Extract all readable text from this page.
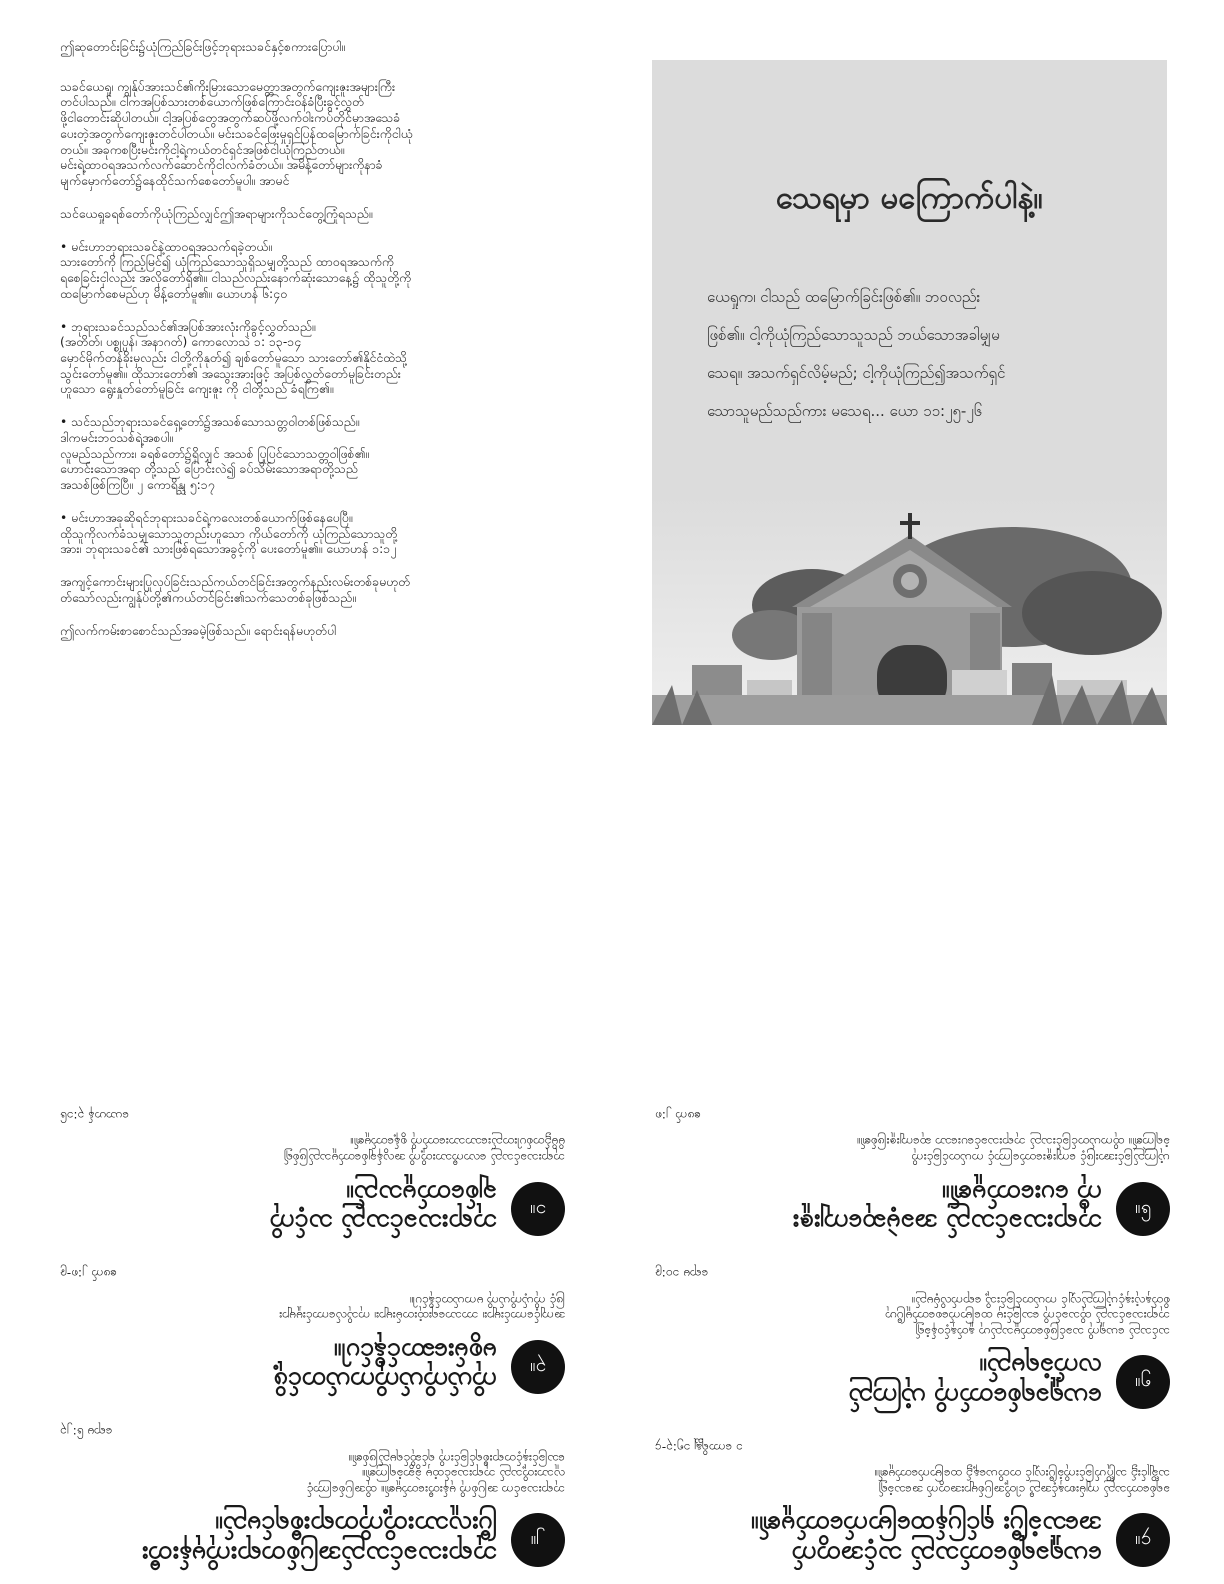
ဤဆုတောင်းခြင်း၌ယုံကြည်ခြင်းဖြင့်ဘုရားသခင်နှင့်စကားပြောပါ။

သခင်ယေရှု၊ ကျွန်ုပ်အားသင်၏ကိုးမြားသောမေတ္တာအတွက်ကျေးဇူးအများကြီး
တင်ပါသည်။ ငါကအပြစ်သားတစ်ယောက်ဖြစ်ကြောင်းဝန်ခံပြီးခွင့်လွှတ်
ဖို့ငါတောင်းဆိုပါတယ်။ ငါ့အပြစ်တွေအတွက်ဆပ်ဖို့လက်ဝါးကပ်တိုင်မှာအသေခံ
ပေးတဲ့အတွက်ကျေးဇူးတင်ပါတယ်။ မင်းသခင်ဖြေးမှုရှင်ပြန်ထမြောက်ခြင်းကိုငါယုံ
တယ်။ အခုကစပြီးမင်းကိုငါ့ရဲ့ကယ်တင်ရှင်အဖြစ်ငါယုံကြည်တယ်။
မင်းရဲ့ထာဝရအသက်လက်ဆောင်ကိုငါလက်ခံတယ်။ အမိန့်တော်များကိုနာခံ
မျက်မှောက်တော်၌နေထိုင်သက်စေတော်မူပါ။ အာမင်

သင်ယေရှုခရစ်တော်ကိုယုံကြည်လျှင်ဤအရာများကိုသင်တွေ့ကြုံရသည်။

• မင်းဟာဘုရားသခင်နဲ့ထာဝရအသက်ရခဲ့တယ်။
သားတော်ကို ကြည့်မြင်၍ ယုံကြည်သောသူရှိသမျှတို့သည် ထာဝရအသက်ကို
ရစေခြင်းငှါလည်း အလိုတော်ရှိ၏။ ငါသည်လည်းနောက်ဆုံးသောနေ့၌ ထိုသူတို့ကို
ထမြောက်စေမည်ဟု မိန့်တော်မူ၏။ ယောဟန် ၆:၄၀

• ဘုရားသခင်သည်သင်၏အပြစ်အားလုံးကိုခွင့်လွှတ်သည်။
(အတိတ်၊ ပစ္စုပ္ပန်၊ အနာဂတ်) ကောလောသဲ ၁: ၁၃-၁၄
မှောင်မိုက်တန်ခိုးမှလည်း ငါတို့ကိုနုတ်၍ ချစ်တော်မူသော သားတော်၏နိုင်ငံထဲသို့
သွင်းတော်မူ၏။ ထိုသားတော်၏ အသွေးအားဖြင့် အပြစ်လွှတ်တော်မူခြင်းတည်း
ဟူသော ရွေးနှုတ်တော်မူခြင်း ကျေးဇူး ကို ငါတို့သည် ခံရကြ၏။

• သင်သည်ဘုရားသခင်ရှေ့တော်၌အသစ်သောသတ္တဝါတစ်ဖြစ်သည်။
ဒါကမင်းဘဝသစ်ရဲ့အစပါ။
လူမည်သည်ကား၊ ခရစ်တော်၌ရှိလျှင် အသစ် ပြုပြင်သောသတ္တဝါဖြစ်၏။
ဟောင်းသောအရာ တို့သည် ပြောင်းလဲ၍ ခပ်သိမ်းသောအရာတို့သည်
အသစ်ဖြစ်ကြပြီ။ ၂ ကောရိန္သု ၅:၁၇

• မင်းဟာအခုဆိုရင်ဘုရားသခင်ရဲ့ကလေးတစ်ယောက်ဖြစ်နေပေပြီ။
ထိုသူကိုလက်ခံသမျှသောသူတည်းဟူသော ကိုယ်တော်ကို ယုံကြည်သောသူတို့
အား၊ ဘုရားသခင်၏ သားဖြစ်ရသောအခွင့်ကို ပေးတော်မူ၏။ ယောဟန် ၁:၁၂

အကျင့်ကောင်းများပြုလုပ်ခြင်းသည်ကယ်တင်ခြင်းအတွက်နည်းလမ်းတစ်ခုမဟုတ်
တ်သော်လည်းကျွန်ုပ်တို့၏ကယ်တင်ခြင်း၏သက်သေတစ်ခုဖြစ်သည်။

ဤလက်ကမ်းစာစောင်သည်အခမဲ့ဖြစ်သည်။ ရောင်းရန်မဟုတ်ပါ

သေရမှာ မကြောက်ပါနဲ့။

ယေရှုက၊ ငါသည် ထမြောက်ခြင်းဖြစ်၏။ ဘဝလည်း
ဖြစ်၏။ ငါ့ကိုယုံကြည်သောသူသည် ဘယ်သောအခါမျှမ
သေရ။ အသက်ရှင်လိမ့်မည်; ငါ့ကိုယုံကြည်၍အသက်ရှင်
သောသူမည်သည်ကား မသေရ... ယော ၁၁:၂၅-၂၆

၂။
ဘုရားသခင်သည်အပြစ်တရားကိုမုန်းတီး
ပြီးလူသားတို့ကိုတရားစီရင်မည်။

ဘုရားသခင်က အပြစ်ကို မုန်းတီးတော်မူ၏။ ထိုအပြစ်ကြောင့်
လူသားတို့သည် ဘုရားသခင်ထံမှ ခွဲခွာခံရကြ၏။
သေခြင်းနှင့်တရားစီရင်ခြင်းကို ရင်ဆိုင်ရမည်ဖြစ်၏။

ရောမ ၆:၂၃

၃။
ကိုယ်ကိုယ်ကိုကယ်တင်ဖို့
မစွမ်းဆောင်နိုင်ပါ။

အကျင့်ကောင်းများ၊ ဘာသာရေးထုံးတမ်းများ၊ ကုသိုလ်ကောင်းမှုများ
ဖြင့် ကိုယ့်ကိုယ်ကို မကယ်တင်နိုင်ပါ။

ဧဖက် ၂:၈-၉

၁။
ဘုရားသခင်သည် သင့်ကို
ချစ်တော်မူသည်။

ဘုရားသခင်သည် လောကီသားတို့ကို အလွန်ချစ်တော်မူသည်ဖြစ်၍
မိမိ၌တစ်ပါးတည်းသောသားတော်ကို စွန့်တော်မူ၏။

ယောဟန် ၃:၁၆

၄။
ယေရှုခရစ်တော်သည် သင့်အတွက်
အသေခံပြီး ရှင်ပြန်ထမြောက်တော်မူ၏။

ခရစ်တော်သည် ကျမ်းစာနှင့်အညီ ငါတို့အပြစ်များအတွက် အသေခံ၍
သင်္ချိုင်း၌ သင်္ဂြိုဟ်ခြင်းကိုခံပြီးလျှင် တတိယနေ့၌ ထမြောက်တော်မူ၏။

၁ ကောရိန္သု ၁၅:၃-၄

၅။
ယေရှုခရစ်တော်ကို ယုံကြည်
လက်ခံရမည်။

သင်သည် ယေရှုကို သခင်ဖြစ်တော်မူသည်ဟု နှုတ်နှင့်ဝန်ခံ၍
ဘုရားသခင်သည် ထိုသခင်ကို သေခြင်းမှ ထမြောက်စေတော်မူပြီဟု
စိတ်နှလုံးနှင့်ယုံကြည်လျှင် ကယ်တင်ခြင်းသို့ ရောက်လိမ့်မည်။

ရောမ ၁၀:၉

၆။
ဘုရားသခင်သည် အခမဲ့ဆုကျေးဇူး
ကို ပေးတော်မူ၏။

ယုံကြည်ခြင်းအားဖြင့် ကျေးဇူးတော်ကြောင့် ကယ်တင်ခြင်းကို
ခံရကြ၏။ ထိုကယ်တင်ခြင်းသည် ဘုရားသခင်ပေးသော ဆုကျေးဇူးဖြစ်၏။

ဧဖက် ၂:၈
